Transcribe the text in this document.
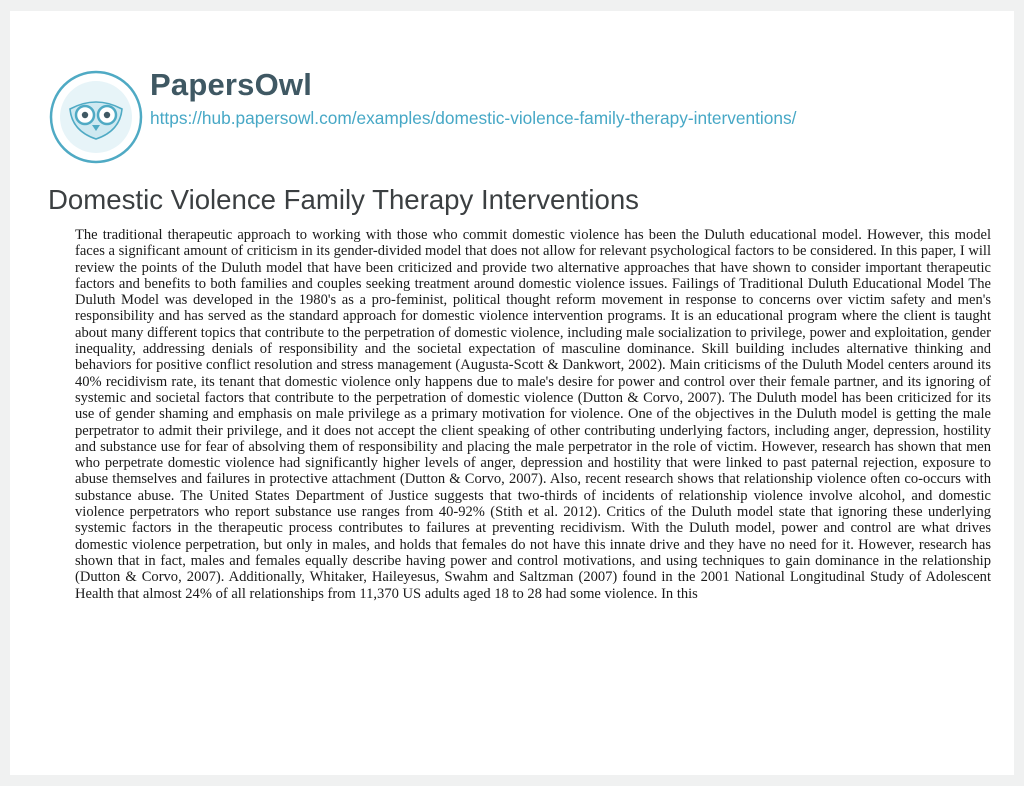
PapersOwl
https://hub.papersowl.com/examples/domestic-violence-family-therapy-interventions/
Domestic Violence Family Therapy Interventions

The traditional therapeutic approach to working with those who commit domestic violence has been the Duluth educational model. However, this model faces a significant amount of criticism in its gender-divided model that does not allow for relevant psychological factors to be considered. In this paper, I will review the points of the Duluth model that have been criticized and provide two alternative approaches that have shown to consider important therapeutic factors and benefits to both families and couples seeking treatment around domestic violence issues. Failings of Traditional Duluth Educational Model The Duluth Model was developed in the 1980's as a pro-feminist, political thought reform movement in response to concerns over victim safety and men's responsibility and has served as the standard approach for domestic violence intervention programs. It is an educational program where the client is taught about many different topics that contribute to the perpetration of domestic violence, including male socialization to privilege, power and exploitation, gender inequality, addressing denials of responsibility and the societal expectation of masculine dominance. Skill building includes alternative thinking and behaviors for positive conflict resolution and stress management (Augusta-Scott & Dankwort, 2002). Main criticisms of the Duluth Model centers around its 40% recidivism rate, its tenant that domestic violence only happens due to male's desire for power and control over their female partner, and its ignoring of systemic and societal factors that contribute to the perpetration of domestic violence (Dutton & Corvo, 2007). The Duluth model has been criticized for its use of gender shaming and emphasis on male privilege as a primary motivation for violence. One of the objectives in the Duluth model is getting the male perpetrator to admit their privilege, and it does not accept the client speaking of other contributing underlying factors, including anger, depression, hostility and substance use for fear of absolving them of responsibility and placing the male perpetrator in the role of victim. However, research has shown that men who perpetrate domestic violence had significantly higher levels of anger, depression and hostility that were linked to past paternal rejection, exposure to abuse themselves and failures in protective attachment (Dutton & Corvo, 2007). Also, recent research shows that relationship violence often co-occurs with substance abuse. The United States Department of Justice suggests that two-thirds of incidents of relationship violence involve alcohol, and domestic violence perpetrators who report substance use ranges from 40-92% (Stith et al. 2012). Critics of the Duluth model state that ignoring these underlying systemic factors in the therapeutic process contributes to failures at preventing recidivism. With the Duluth model, power and control are what drives domestic violence perpetration, but only in males, and holds that females do not have this innate drive and they have no need for it. However, research has shown that in fact, males and females equally describe having power and control motivations, and using techniques to gain dominance in the relationship (Dutton & Corvo, 2007). Additionally, Whitaker, Haileyesus, Swahm and Saltzman (2007) found in the 2001 National Longitudinal Study of Adolescent Health that almost 24% of all relationships from 11,370 US adults aged 18 to 28 had some violence. In this
